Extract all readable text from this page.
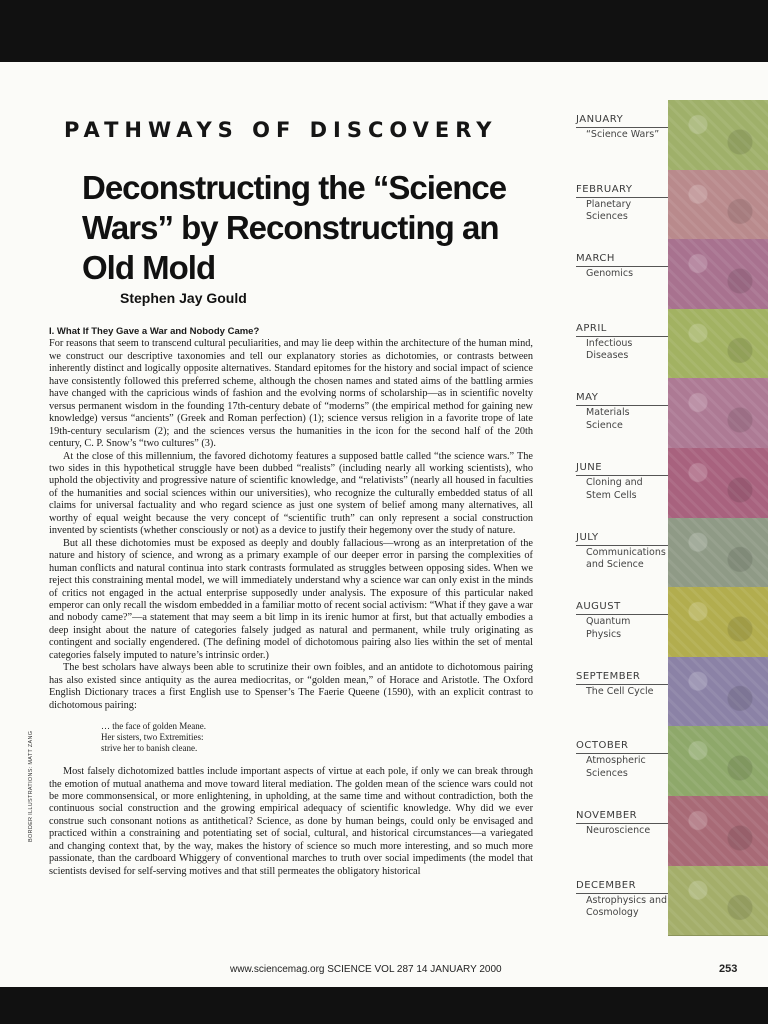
PATHWAYS OF DISCOVERY
Deconstructing the “Science Wars” by Reconstructing an Old Mold
Stephen Jay Gould
I. What If They Gave a War and Nobody Came?

For reasons that seem to transcend cultural peculiarities, and may lie deep within the architecture of the human mind, we construct our descriptive taxonomies and tell our explanatory stories as dichotomies, or contrasts between inherently distinct and logically opposite alternatives. Standard epitomes for the history and social impact of science have consistently followed this preferred scheme, although the chosen names and stated aims of the battling armies have changed with the capricious winds of fashion and the evolving norms of scholarship—as in scientific novelty versus permanent wisdom in the founding 17th-century debate of “moderns” (the empirical method for gaining new knowledge) versus “ancients” (Greek and Roman perfection) (1); science versus religion in a favorite trope of late 19th-century secularism (2); and the sciences versus the humanities in the icon for the second half of the 20th century, C. P. Snow’s “two cultures” (3).

At the close of this millennium, the favored dichotomy features a supposed battle called “the science wars.” The two sides in this hypothetical struggle have been dubbed “realists” (including nearly all working scientists), who uphold the objectivity and progressive nature of scientific knowledge, and “relativists” (nearly all housed in faculties of the humanities and social sciences within our universities), who recognize the culturally embedded status of all claims for universal factuality and who regard science as just one system of belief among many alternatives, all worthy of equal weight because the very concept of “scientific truth” can only represent a social construction invented by scientists (whether consciously or not) as a device to justify their hegemony over the study of nature.

But all these dichotomies must be exposed as deeply and doubly fallacious—wrong as an interpretation of the nature and history of science, and wrong as a primary example of our deeper error in parsing the complexities of human conflicts and natural continua into stark contrasts formulated as struggles between opposing sides. When we reject this constraining mental model, we will immediately understand why a science war can only exist in the minds of critics not engaged in the actual enterprise supposedly under analysis. The exposure of this particular naked emperor can only recall the wisdom embedded in a familiar motto of recent social activism: “What if they gave a war and nobody came?”—a statement that may seem a bit limp in its irenic humor at first, but that actually embodies a deep insight about the nature of categories falsely judged as natural and permanent, while truly originating as contingent and socially engendered. (The defining model of dichotomous pairing also lies within the set of mental categories falsely imputed to nature’s intrinsic order.)

The best scholars have always been able to scrutinize their own foibles, and an antidote to dichotomous pairing has also existed since antiquity as the aurea mediocritas, or “golden mean,” of Horace and Aristotle. The Oxford English Dictionary traces a first English use to Spenser’s The Faerie Queene (1590), with an explicit contrast to dichotomous pairing:

… the face of golden Meane.
Her sisters, two Extremities:
strive her to banish cleane.

Most falsely dichotomized battles include important aspects of virtue at each pole, if only we can break through the emotion of mutual anathema and move toward literal mediation. The golden mean of the science wars could not be more commonsensical, or more enlightening, in upholding, at the same time and without contradiction, both the continuous social construction and the growing empirical adequacy of scientific knowledge. Why did we ever construe such consonant notions as antithetical? Science, as done by human beings, could only be envisaged and practiced within a constraining and potentiating set of social, cultural, and historical circumstances—a variegated and changing context that, by the way, makes the history of science so much more interesting, and so much more passionate, than the cardboard Whiggery of conventional marches to truth over social impediments (the model that scientists devised for self-serving motives and that still permeates the obligatory historical

BORDER ILLUSTRATIONS: MATT ZANG
JANUARY
“Science Wars”
FEBRUARY
Planetary
Sciences
MARCH
Genomics
APRIL
Infectious
Diseases
MAY
Materials
Science
JUNE
Cloning and
Stem Cells
JULY
Communications
and Science
AUGUST
Quantum
Physics
SEPTEMBER
The Cell Cycle
OCTOBER
Atmospheric
Sciences
NOVEMBER
Neuroscience
DECEMBER
Astrophysics and
Cosmology
www.sciencemag.org SCIENCE VOL 287 14 JANUARY 2000	253
